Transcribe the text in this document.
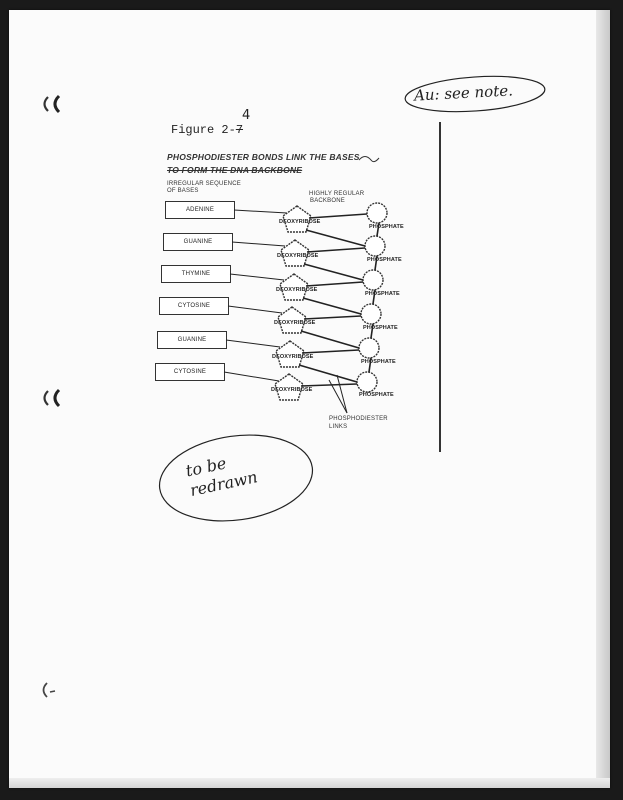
Au: see note.
to be redrawn
Figure 2-7
4
PHOSPHODIESTER BONDS LINK THE BASES
TO FORM THE DNA BACKBONE
IRREGULAR SEQUENCE
OF BASES	HIGHLY REGULAR
BACKBONE
ADENINE
GUANINE
THYMINE
CYTOSINE
GUANINE
CYTOSINE
DEOXYRIBOSE
DEOXYRIBOSE
DEOXYRIBOSE
DEOXYRIBOSE
DEOXYRIBOSE
DEOXYRIBOSE
PHOSPHATE
PHOSPHATE
PHOSPHATE
PHOSPHATE
PHOSPHATE
PHOSPHATE
PHOSPHODIESTER
LINKS
